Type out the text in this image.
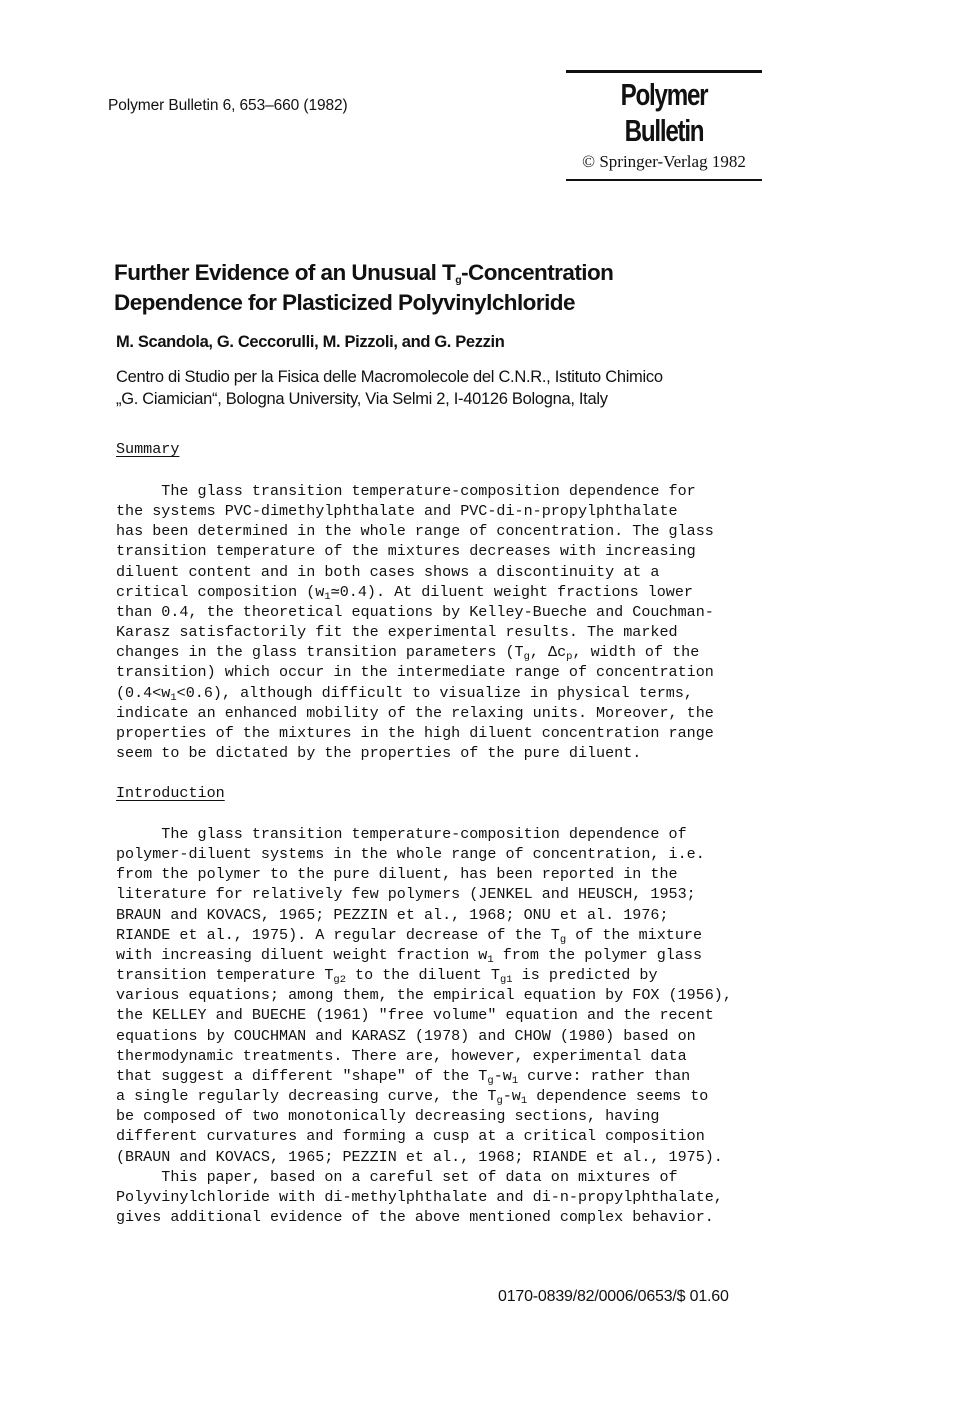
Polymer Bulletin 6, 653–660 (1982)	Polymer Bulletin
© Springer-Verlag 1982
Further Evidence of an Unusual $T_g$-Concentration
Dependence for Plasticized Polyvinylchloride
M. Scandola, G. Ceccorulli, M. Pizzoli, and G. Pezzin
Centro di Studio per la Fisica delle Macromolecole del C.N.R., Istituto Chimico
„G. Ciamician“, Bologna University, Via Selmi 2, I-40126 Bologna, Italy
Summary
The glass transition temperature-composition dependence for
the systems PVC-dimethylphthalate and PVC-di-n-propylphthalate
has been determined in the whole range of concentration. The glass
transition temperature of the mixtures decreases with increasing
diluent content and in both cases shows a discontinuity at a
critical composition $(w_1≃0.4)$. At diluent weight fractions lower
than 0.4, the theoretical equations by Kelley-Bueche and Couchman-
Karasz satisfactorily fit the experimental results. The marked
changes in the glass transition parameters ($T_g$, $\Delta c_p$, width of the
transition) which occur in the intermediate range of concentration
$(0.4<w_1<0.6)$, although difficult to visualize in physical terms,
indicate an enhanced mobility of the relaxing units. Moreover, the
properties of the mixtures in the high diluent concentration range
seem to be dictated by the properties of the pure diluent.
Introduction
The glass transition temperature-composition dependence of
polymer-diluent systems in the whole range of concentration, i.e.
from the polymer to the pure diluent, has been reported in the
literature for relatively few polymers (JENKEL and HEUSCH, 1953;
BRAUN and KOVACS, 1965; PEZZIN et al., 1968; ONU et al. 1976;
RIANDE et al., 1975). A regular decrease of the $T_g$ of the mixture
with increasing diluent weight fraction $w_1$ from the polymer glass
transition temperature $T_{g2}$ to the diluent $T_{g1}$ is predicted by
various equations; among them, the empirical equation by FOX (1956),
the KELLEY and BUECHE (1961) "free volume" equation and the recent
equations by COUCHMAN and KARASZ (1978) and CHOW (1980) based on
thermodynamic treatments. There are, however, experimental data
that suggest a different "shape" of the $T_g-w_1$ curve: rather than
a single regularly decreasing curve, the $T_g-w_1$ dependence seems to
be composed of two monotonically decreasing sections, having
different curvatures and forming a cusp at a critical composition
(BRAUN and KOVACS, 1965; PEZZIN et al., 1968; RIANDE et al., 1975).
This paper, based on a careful set of data on mixtures of
Polyvinylchloride with di-methylphthalate and di-n-propylphthalate,
gives additional evidence of the above mentioned complex behavior.
0170-0839/82/0006/0653/$ 01.60
